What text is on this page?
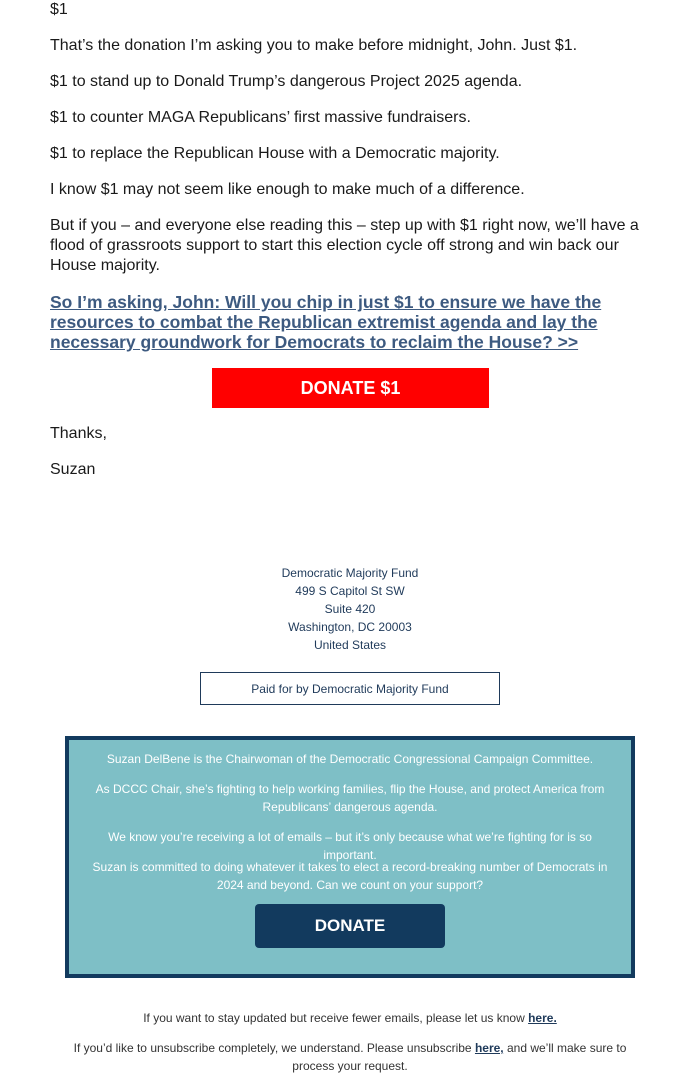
$1

That’s the donation I’m asking you to make before midnight, John. Just $1.

$1 to stand up to Donald Trump’s dangerous Project 2025 agenda.

$1 to counter MAGA Republicans’ first massive fundraisers.

$1 to replace the Republican House with a Democratic majority.

I know $1 may not seem like enough to make much of a difference.

But if you – and everyone else reading this – step up with $1 right now, we’ll have a flood of grassroots support to start this election cycle off strong and win back our House majority.

So I’m asking, John: Will you chip in just $1 to ensure we have the resources to combat the Republican extremist agenda and lay the necessary groundwork for Democrats to reclaim the House? >>

DONATE $1

Thanks,

Suzan

Democratic Majority Fund
499 S Capitol St SW
Suite 420
Washington, DC 20003
United States
Paid for by Democratic Majority Fund

Suzan DelBene is the Chairwoman of the Democratic Congressional Campaign Committee.

As DCCC Chair, she’s fighting to help working families, flip the House, and protect America from Republicans’ dangerous agenda.

We know you’re receiving a lot of emails – but it’s only because what we’re fighting for is so important.

Suzan is committed to doing whatever it takes to elect a record-breaking number of Democrats in 2024 and beyond. Can we count on your support?

DONATE

If you want to stay updated but receive fewer emails, please let us know here.

If you’d like to unsubscribe completely, we understand. Please unsubscribe here, and we’ll make sure to process your request.
